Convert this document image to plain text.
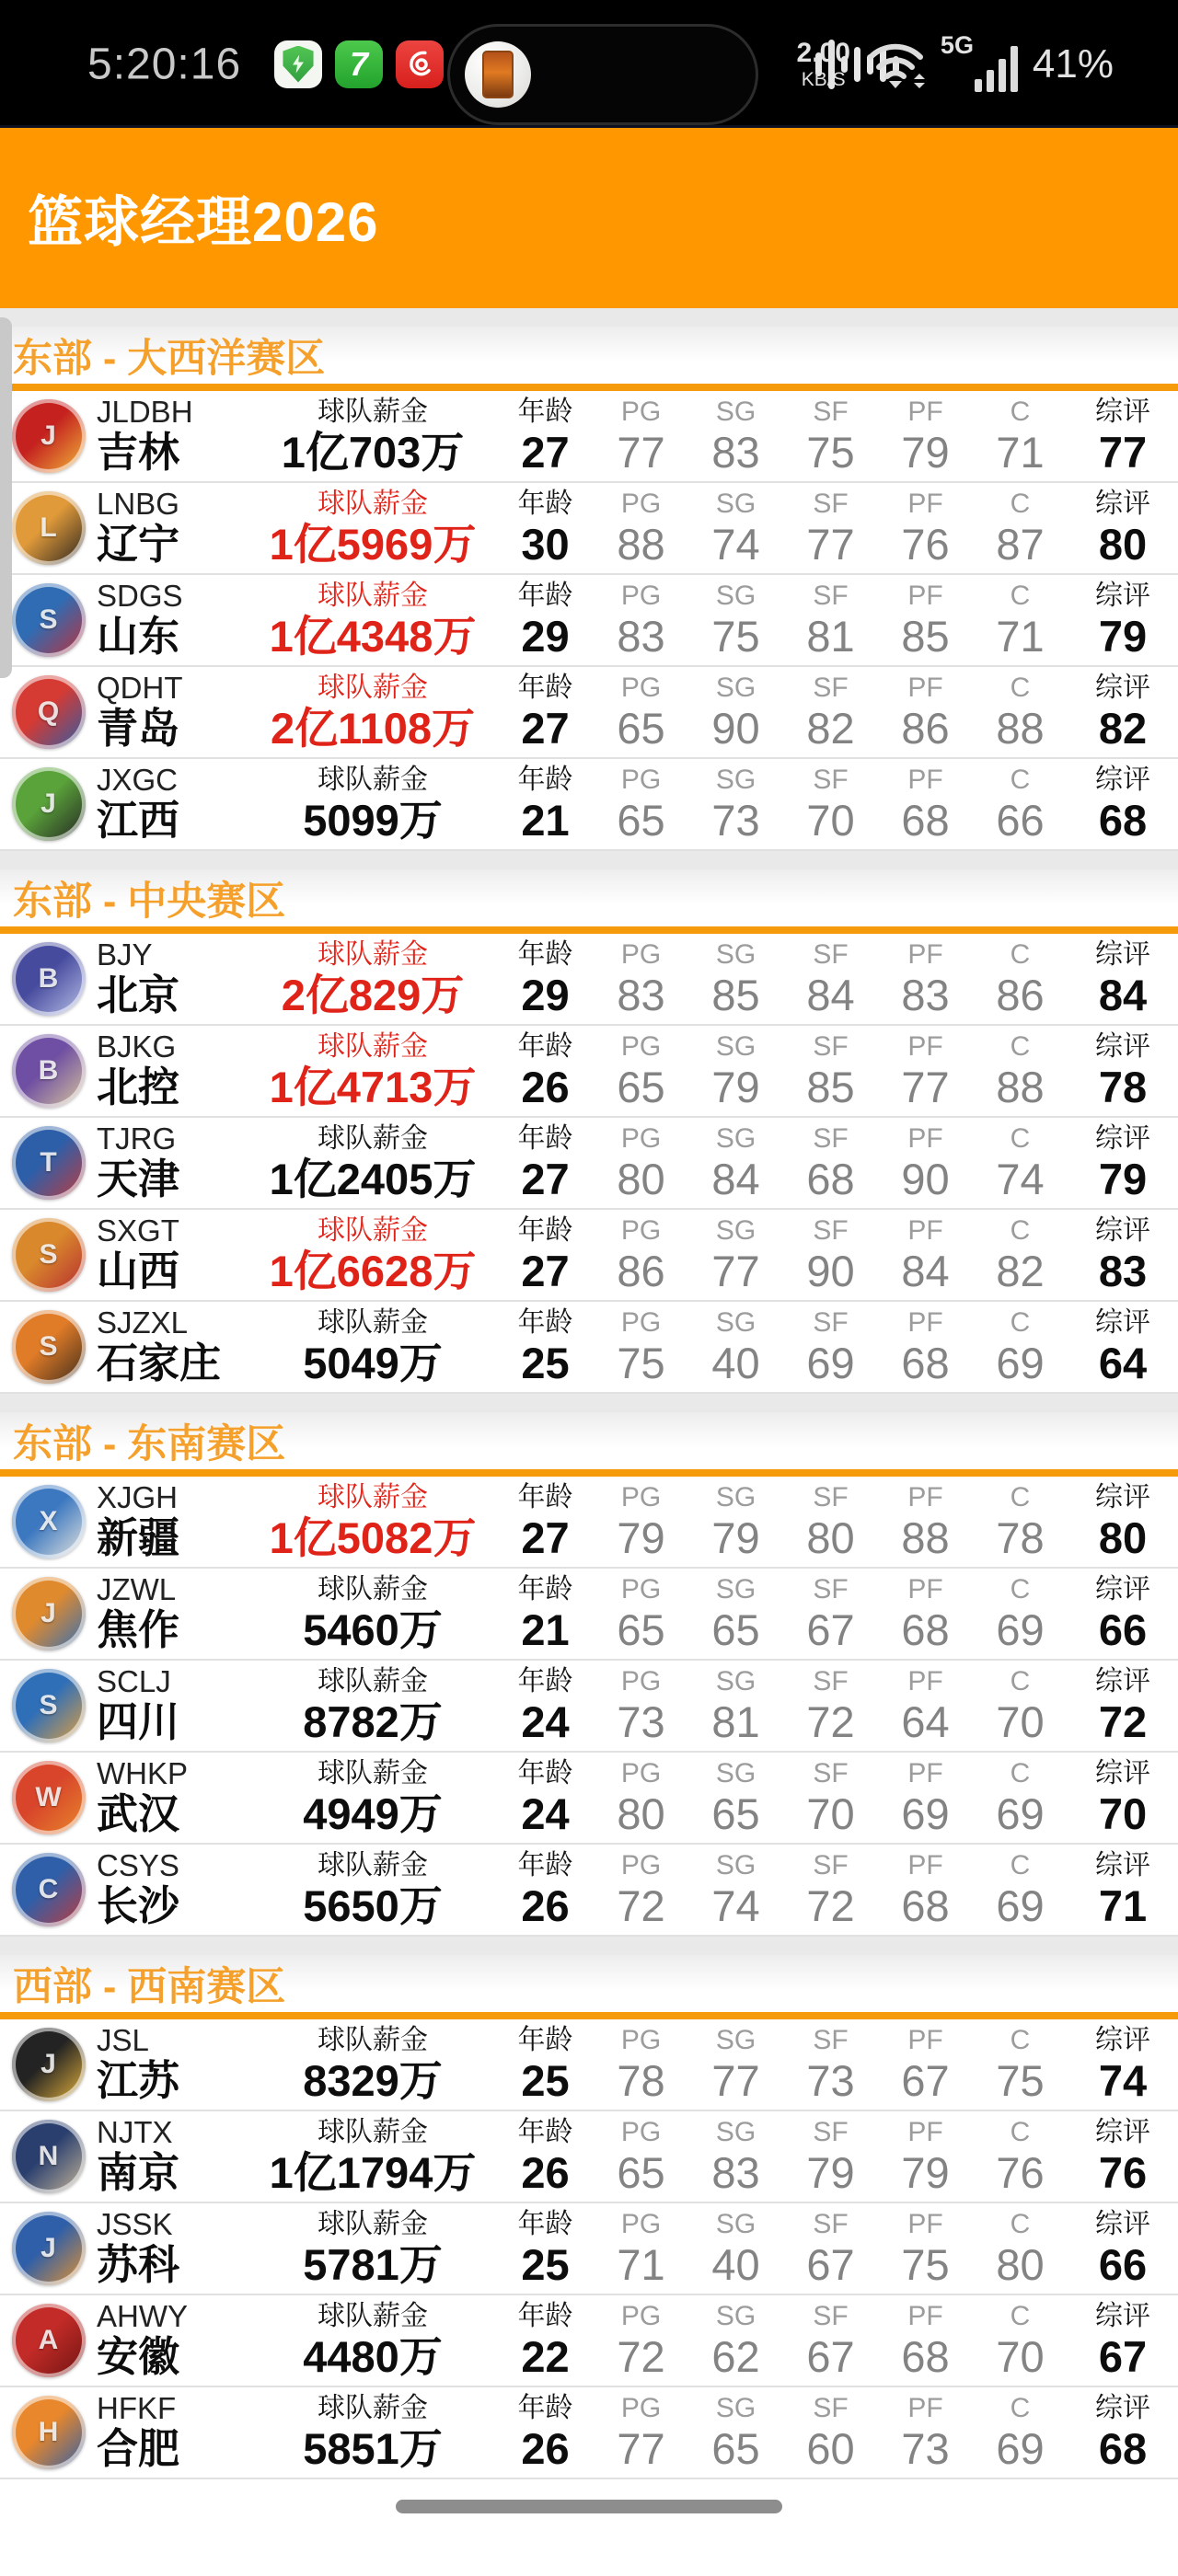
5:20:16	7	2.00
KB/S
5G 41%
篮球经理2026
东部 - 大西洋赛区
J
JLDBH
吉林
球队薪金
1亿703万
年龄
27
PG
77
SG
83
SF
75
PF
79
C
71
综评
77
L
LNBG
辽宁
球队薪金
1亿5969万
年龄
30
PG
88
SG
74
SF
77
PF
76
C
87
综评
80
S
SDGS
山东
球队薪金
1亿4348万
年龄
29
PG
83
SG
75
SF
81
PF
85
C
71
综评
79
Q
QDHT
青岛
球队薪金
2亿1108万
年龄
27
PG
65
SG
90
SF
82
PF
86
C
88
综评
82
J
JXGC
江西
球队薪金
5099万
年龄
21
PG
65
SG
73
SF
70
PF
68
C
66
综评
68
东部 - 中央赛区
B
BJY
北京
球队薪金
2亿829万
年龄
29
PG
83
SG
85
SF
84
PF
83
C
86
综评
84
B
BJKG
北控
球队薪金
1亿4713万
年龄
26
PG
65
SG
79
SF
85
PF
77
C
88
综评
78
T
TJRG
天津
球队薪金
1亿2405万
年龄
27
PG
80
SG
84
SF
68
PF
90
C
74
综评
79
S
SXGT
山西
球队薪金
1亿6628万
年龄
27
PG
86
SG
77
SF
90
PF
84
C
82
综评
83
S
SJZXL
石家庄
球队薪金
5049万
年龄
25
PG
75
SG
40
SF
69
PF
68
C
69
综评
64
东部 - 东南赛区
X
XJGH
新疆
球队薪金
1亿5082万
年龄
27
PG
79
SG
79
SF
80
PF
88
C
78
综评
80
J
JZWL
焦作
球队薪金
5460万
年龄
21
PG
65
SG
65
SF
67
PF
68
C
69
综评
66
S
SCLJ
四川
球队薪金
8782万
年龄
24
PG
73
SG
81
SF
72
PF
64
C
70
综评
72
W
WHKP
武汉
球队薪金
4949万
年龄
24
PG
80
SG
65
SF
70
PF
69
C
69
综评
70
C
CSYS
长沙
球队薪金
5650万
年龄
26
PG
72
SG
74
SF
72
PF
68
C
69
综评
71
西部 - 西南赛区
J
JSL
江苏
球队薪金
8329万
年龄
25
PG
78
SG
77
SF
73
PF
67
C
75
综评
74
N
NJTX
南京
球队薪金
1亿1794万
年龄
26
PG
65
SG
83
SF
79
PF
79
C
76
综评
76
J
JSSK
苏科
球队薪金
5781万
年龄
25
PG
71
SG
40
SF
67
PF
75
C
80
综评
66
A
AHWY
安徽
球队薪金
4480万
年龄
22
PG
72
SG
62
SF
67
PF
68
C
70
综评
67
H
HFKF
合肥
球队薪金
5851万
年龄
26
PG
77
SG
65
SF
60
PF
73
C
69
综评
68
